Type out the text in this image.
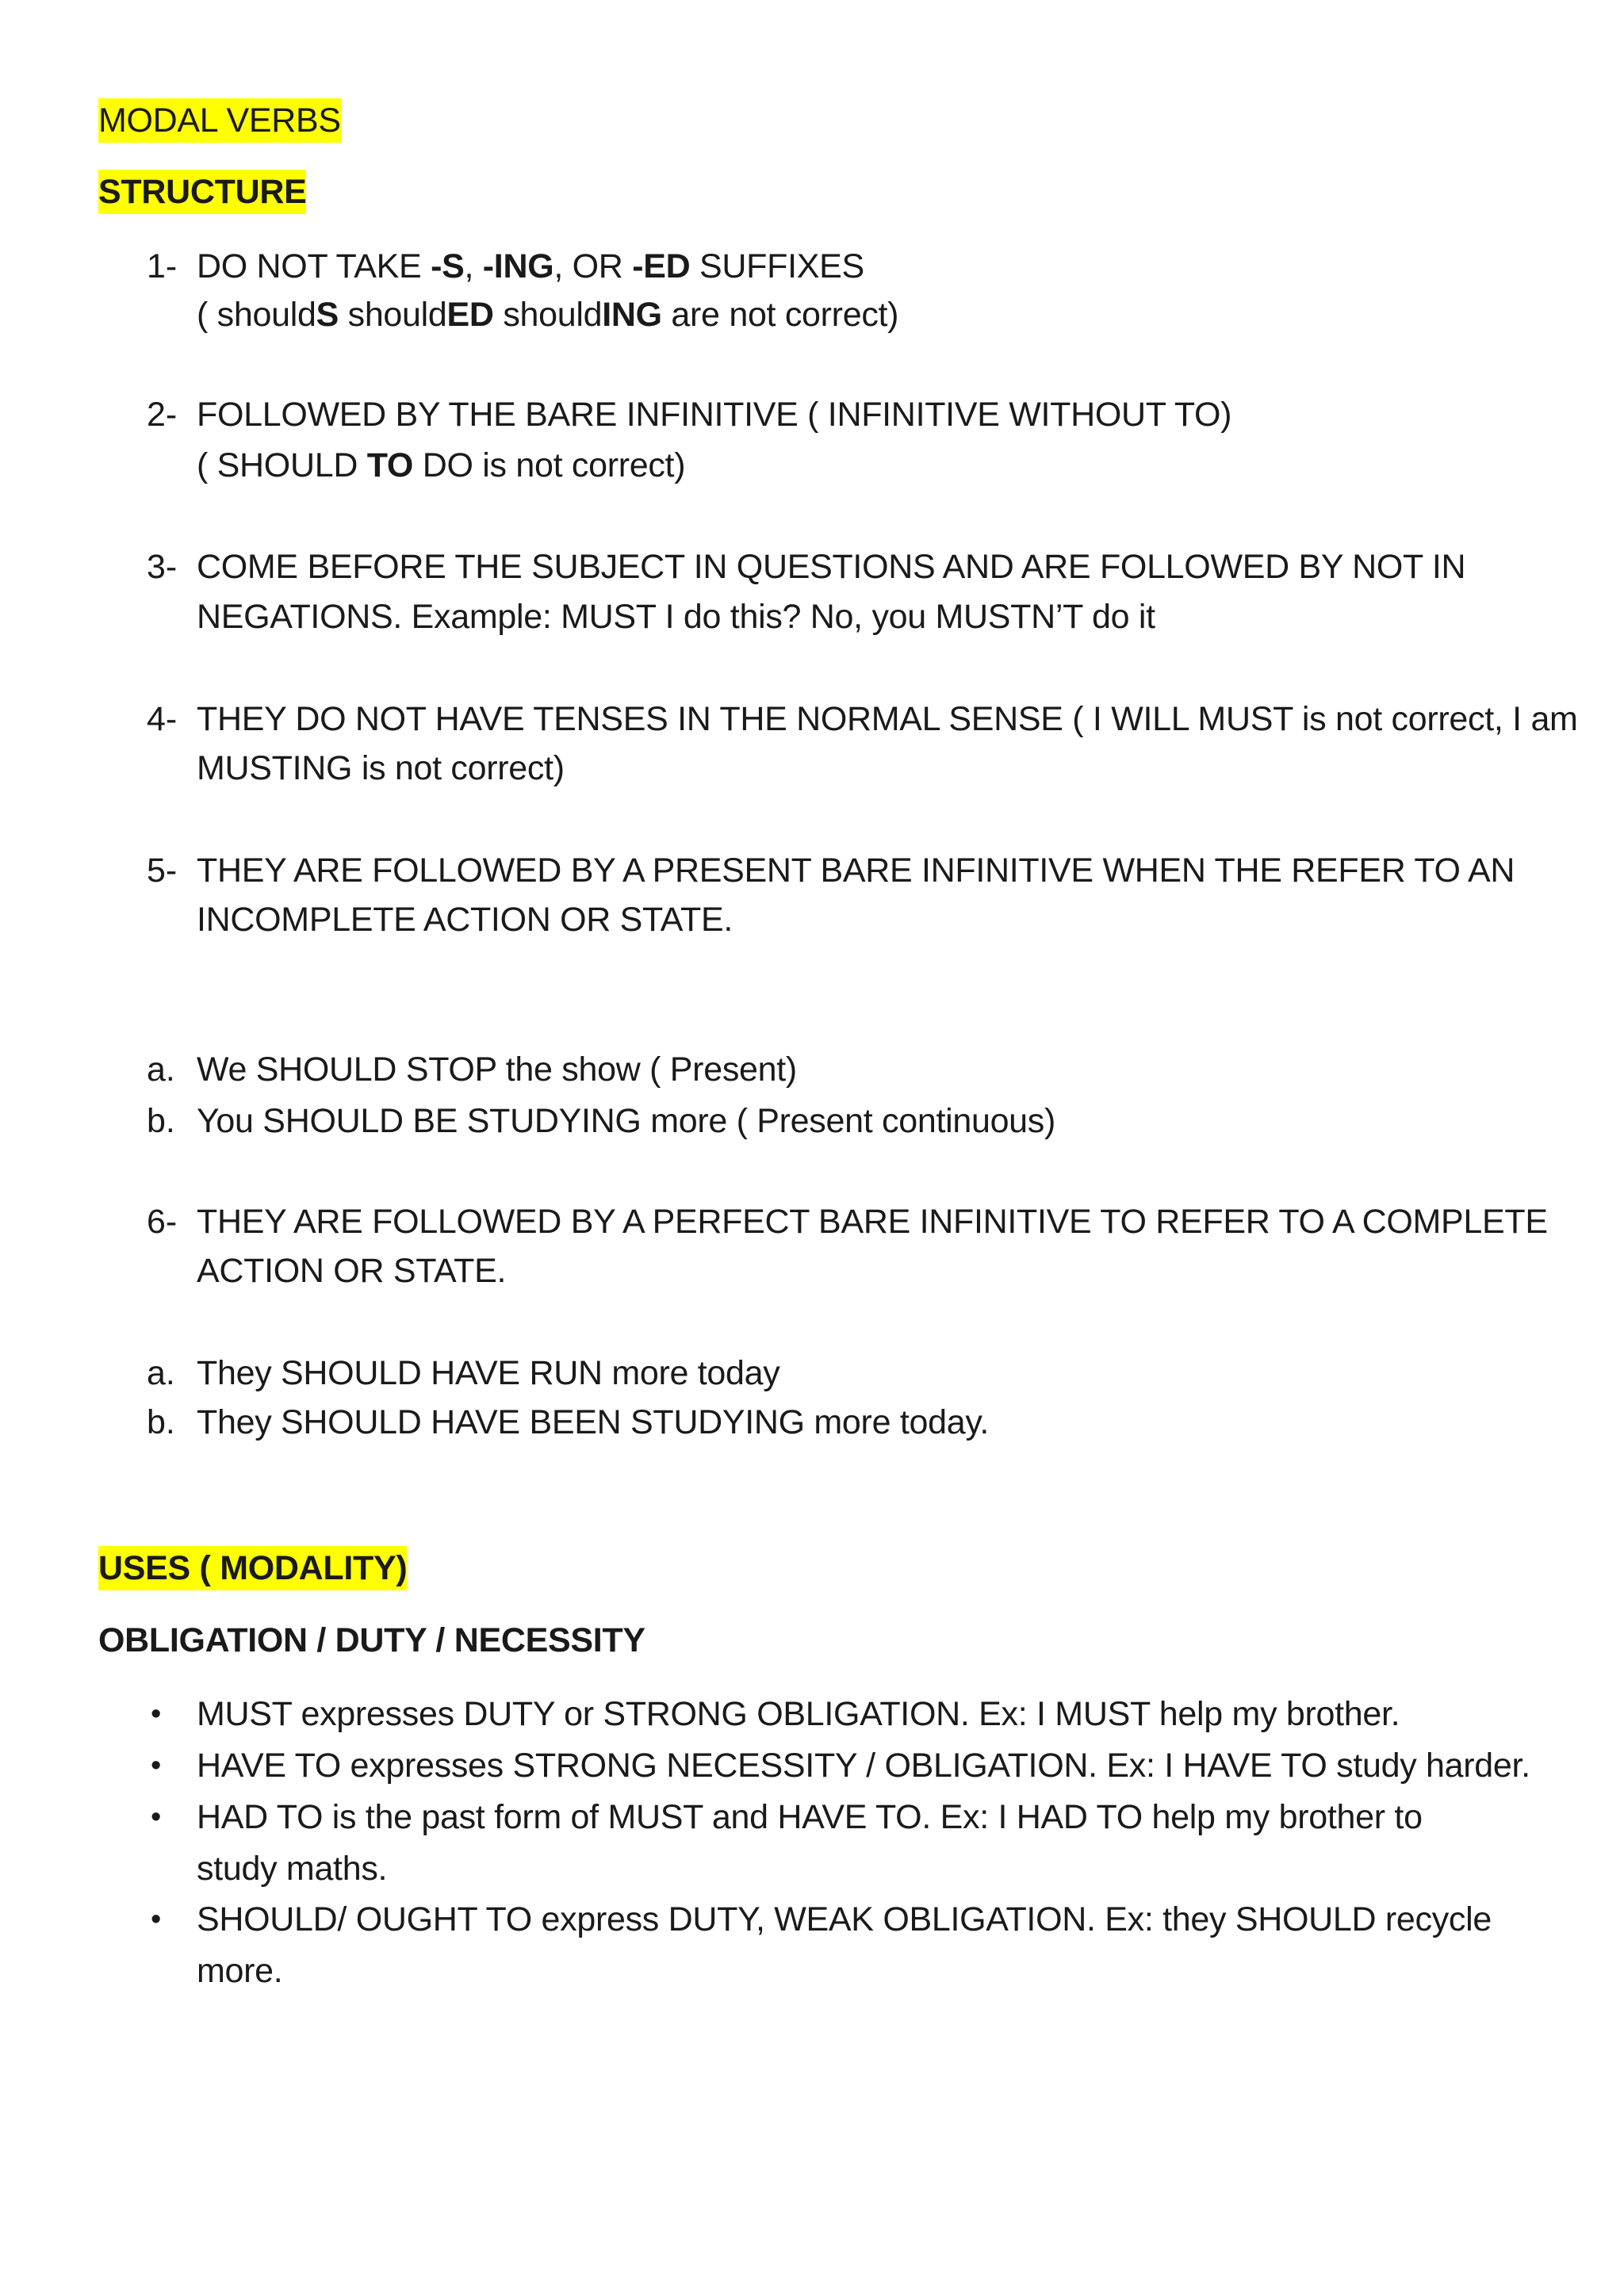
MODAL VERBS
STRUCTURE
1- DO NOT TAKE -S, -ING, OR -ED SUFFIXES
( shouldS shouldED shouldING are not correct)
2- FOLLOWED BY THE BARE INFINITIVE ( INFINITIVE WITHOUT TO)
( SHOULD TO DO is not correct)
3- COME BEFORE THE SUBJECT IN QUESTIONS AND ARE FOLLOWED BY NOT IN
NEGATIONS. Example: MUST I do this? No, you MUSTN’T do it
4- THEY DO NOT HAVE TENSES IN THE NORMAL SENSE ( I WILL MUST is not correct, I am
MUSTING is not correct)
5- THEY ARE FOLLOWED BY A PRESENT BARE INFINITIVE WHEN THE REFER TO AN
INCOMPLETE ACTION OR STATE.
a. We SHOULD STOP the show ( Present)
b. You SHOULD BE STUDYING more ( Present continuous)
6- THEY ARE FOLLOWED BY A PERFECT BARE INFINITIVE TO REFER TO A COMPLETE
ACTION OR STATE.
a. They SHOULD HAVE RUN more today
b. They SHOULD HAVE BEEN STUDYING more today.
USES ( MODALITY)
OBLIGATION / DUTY / NECESSITY
• MUST expresses DUTY or STRONG OBLIGATION. Ex: I MUST help my brother.
• HAVE TO expresses STRONG NECESSITY / OBLIGATION. Ex: I HAVE TO study harder.
• HAD TO is the past form of MUST and HAVE TO. Ex: I HAD TO help my brother to
study maths.
• SHOULD/ OUGHT TO express DUTY, WEAK OBLIGATION. Ex: they SHOULD recycle
more.
